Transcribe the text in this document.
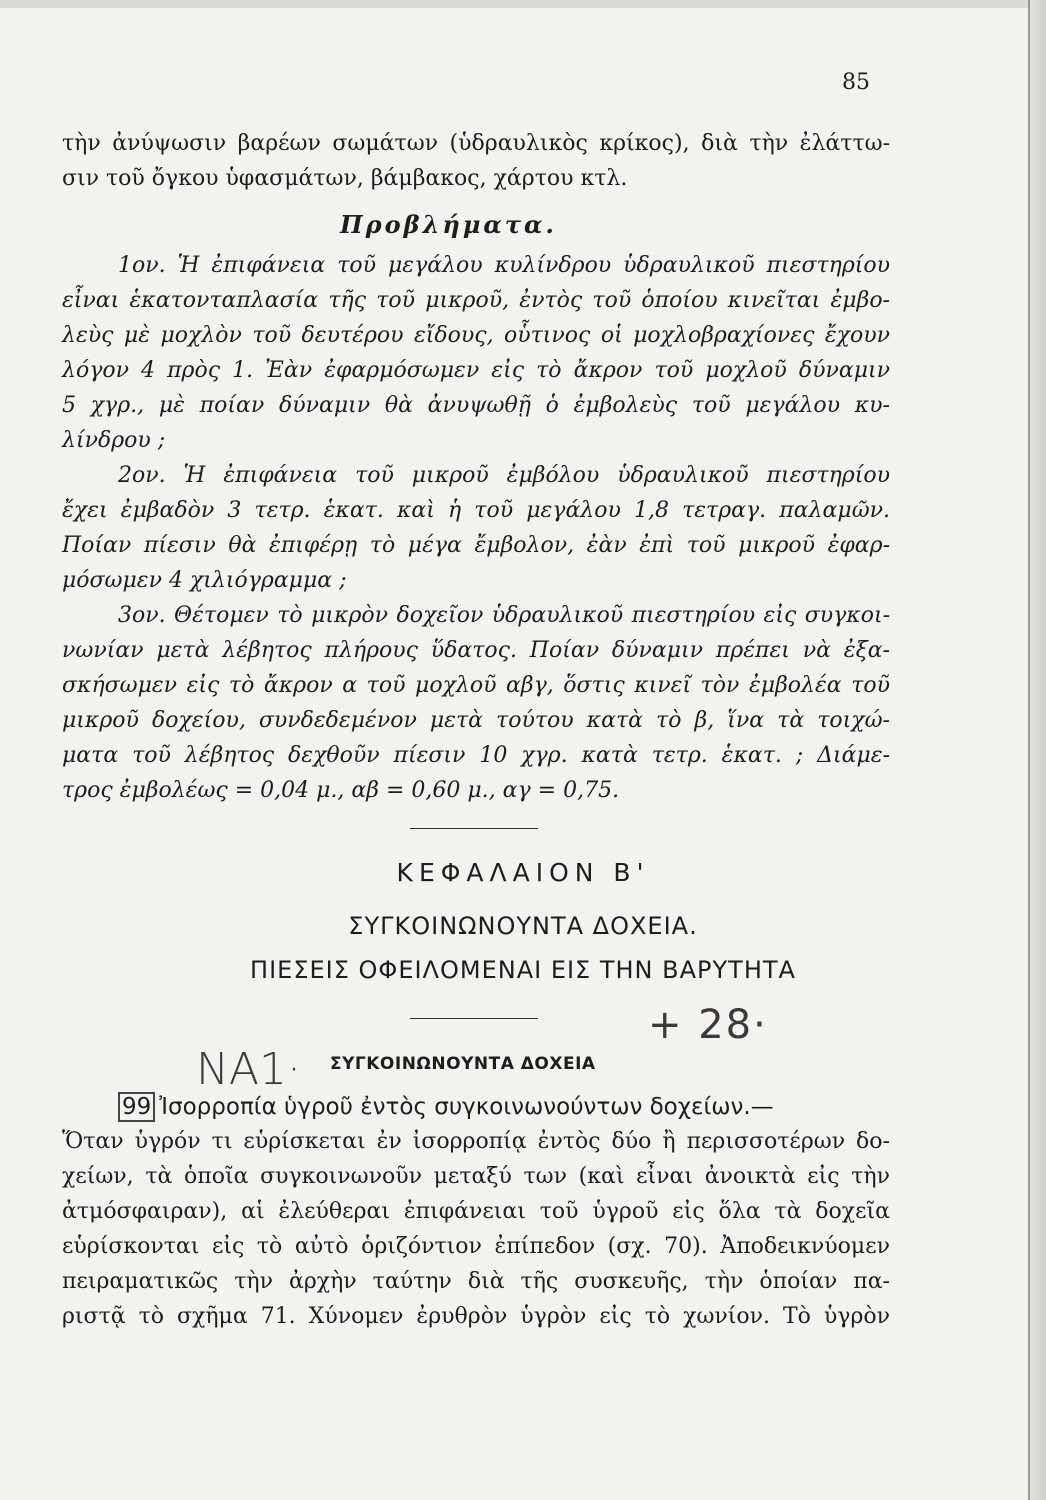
85
τὴν ἀνύψωσιν βαρέων σωμάτων (ὑδραυλικὸς κρίκος), διὰ τὴν ἐλάττω-
σιν τοῦ ὄγκου ὑφασμάτων, βάμβακος, χάρτου κτλ.
Προβλήματα.
1ον. Ἡ ἐπιφάνεια τοῦ μεγάλου κυλίνδρου ὑδραυλικοῦ πιεστηρίου
εἶναι ἑκατονταπλασία τῆς τοῦ μικροῦ, ἐντὸς τοῦ ὁποίου κινεῖται ἐμβο-
λεὺς μὲ μοχλὸν τοῦ δευτέρου εἴδους, οὗτινος οἱ μοχλοβραχίονες ἔχουν
λόγον 4 πρὸς 1. Ἐὰν ἐφαρμόσωμεν εἰς τὸ ἄκρον τοῦ μοχλοῦ δύναμιν
5 χγρ., μὲ ποίαν δύναμιν θὰ ἀνυψωθῇ ὁ ἐμβολεὺς τοῦ μεγάλου κυ-
λίνδρου ;
2ον. Ἡ ἐπιφάνεια τοῦ μικροῦ ἐμβόλου ὑδραυλικοῦ πιεστηρίου
ἔχει ἐμβαδὸν 3 τετρ. ἑκατ. καὶ ἡ τοῦ μεγάλου 1,8 τετραγ. παλαμῶν.
Ποίαν πίεσιν θὰ ἐπιφέρῃ τὸ μέγα ἔμβολον, ἐὰν ἐπὶ τοῦ μικροῦ ἐφαρ-
μόσωμεν 4 χιλιόγραμμα ;
3ον. Θέτομεν τὸ μικρὸν δοχεῖον ὑδραυλικοῦ πιεστηρίου εἰς συγκοι-
νωνίαν μετὰ λέβητος πλήρους ὕδατος. Ποίαν δύναμιν πρέπει νὰ ἐξα-
σκήσωμεν εἰς τὸ ἄκρον α τοῦ μοχλοῦ αβγ, ὅστις κινεῖ τὸν ἐμβολέα τοῦ
μικροῦ δοχείου, συνδεδεμένον μετὰ τούτου κατὰ τὸ β, ἵνα τὰ τοιχώ-
ματα τοῦ λέβητος δεχθοῦν πίεσιν 10 χγρ. κατὰ τετρ. ἑκατ. ; Διάμε-
τρος ἐμβολέως = 0,04 μ., αβ = 0,60 μ., αγ = 0,75.
ΚΕΦΑΛΑΙΟΝ Β'
ΣΥΓΚΟΙΝΩΝΟΥΝΤΑ ΔΟΧΕΙΑ.
ΠΙΕΣΕΙΣ ΟΦΕΙΛΟΜΕΝΑΙ ΕΙΣ ΤΗΝ ΒΑΡΥΤΗΤΑ
+ 28·
ΝΑ1· ΣΥΓΚΟΙΝΩΝΟΥΝΤΑ ΔΟΧΕΙΑ
99 Ἰσορροπία ὑγροῦ ἐντὸς συγκοινωνούντων δοχείων.—
Ὅταν ὑγρόν τι εὑρίσκεται ἐν ἰσορροπίᾳ ἐντὸς δύο ἢ περισσοτέρων δο-
χείων, τὰ ὁποῖα συγκοινωνοῦν μεταξύ των (καὶ εἶναι ἀνοικτὰ εἰς τὴν
ἀτμόσφαιραν), αἱ ἐλεύθεραι ἐπιφάνειαι τοῦ ὑγροῦ εἰς ὅλα τὰ δοχεῖα
εὑρίσκονται εἰς τὸ αὐτὸ ὁριζόντιον ἐπίπεδον (σχ. 70). Ἀποδεικνύομεν
πειραματικῶς τὴν ἀρχὴν ταύτην διὰ τῆς συσκευῆς, τὴν ὁποίαν πα-
ριστᾷ τὸ σχῆμα 71. Χύνομεν ἐρυθρὸν ὑγρὸν εἰς τὸ χωνίον. Τὸ ὑγρὸν
